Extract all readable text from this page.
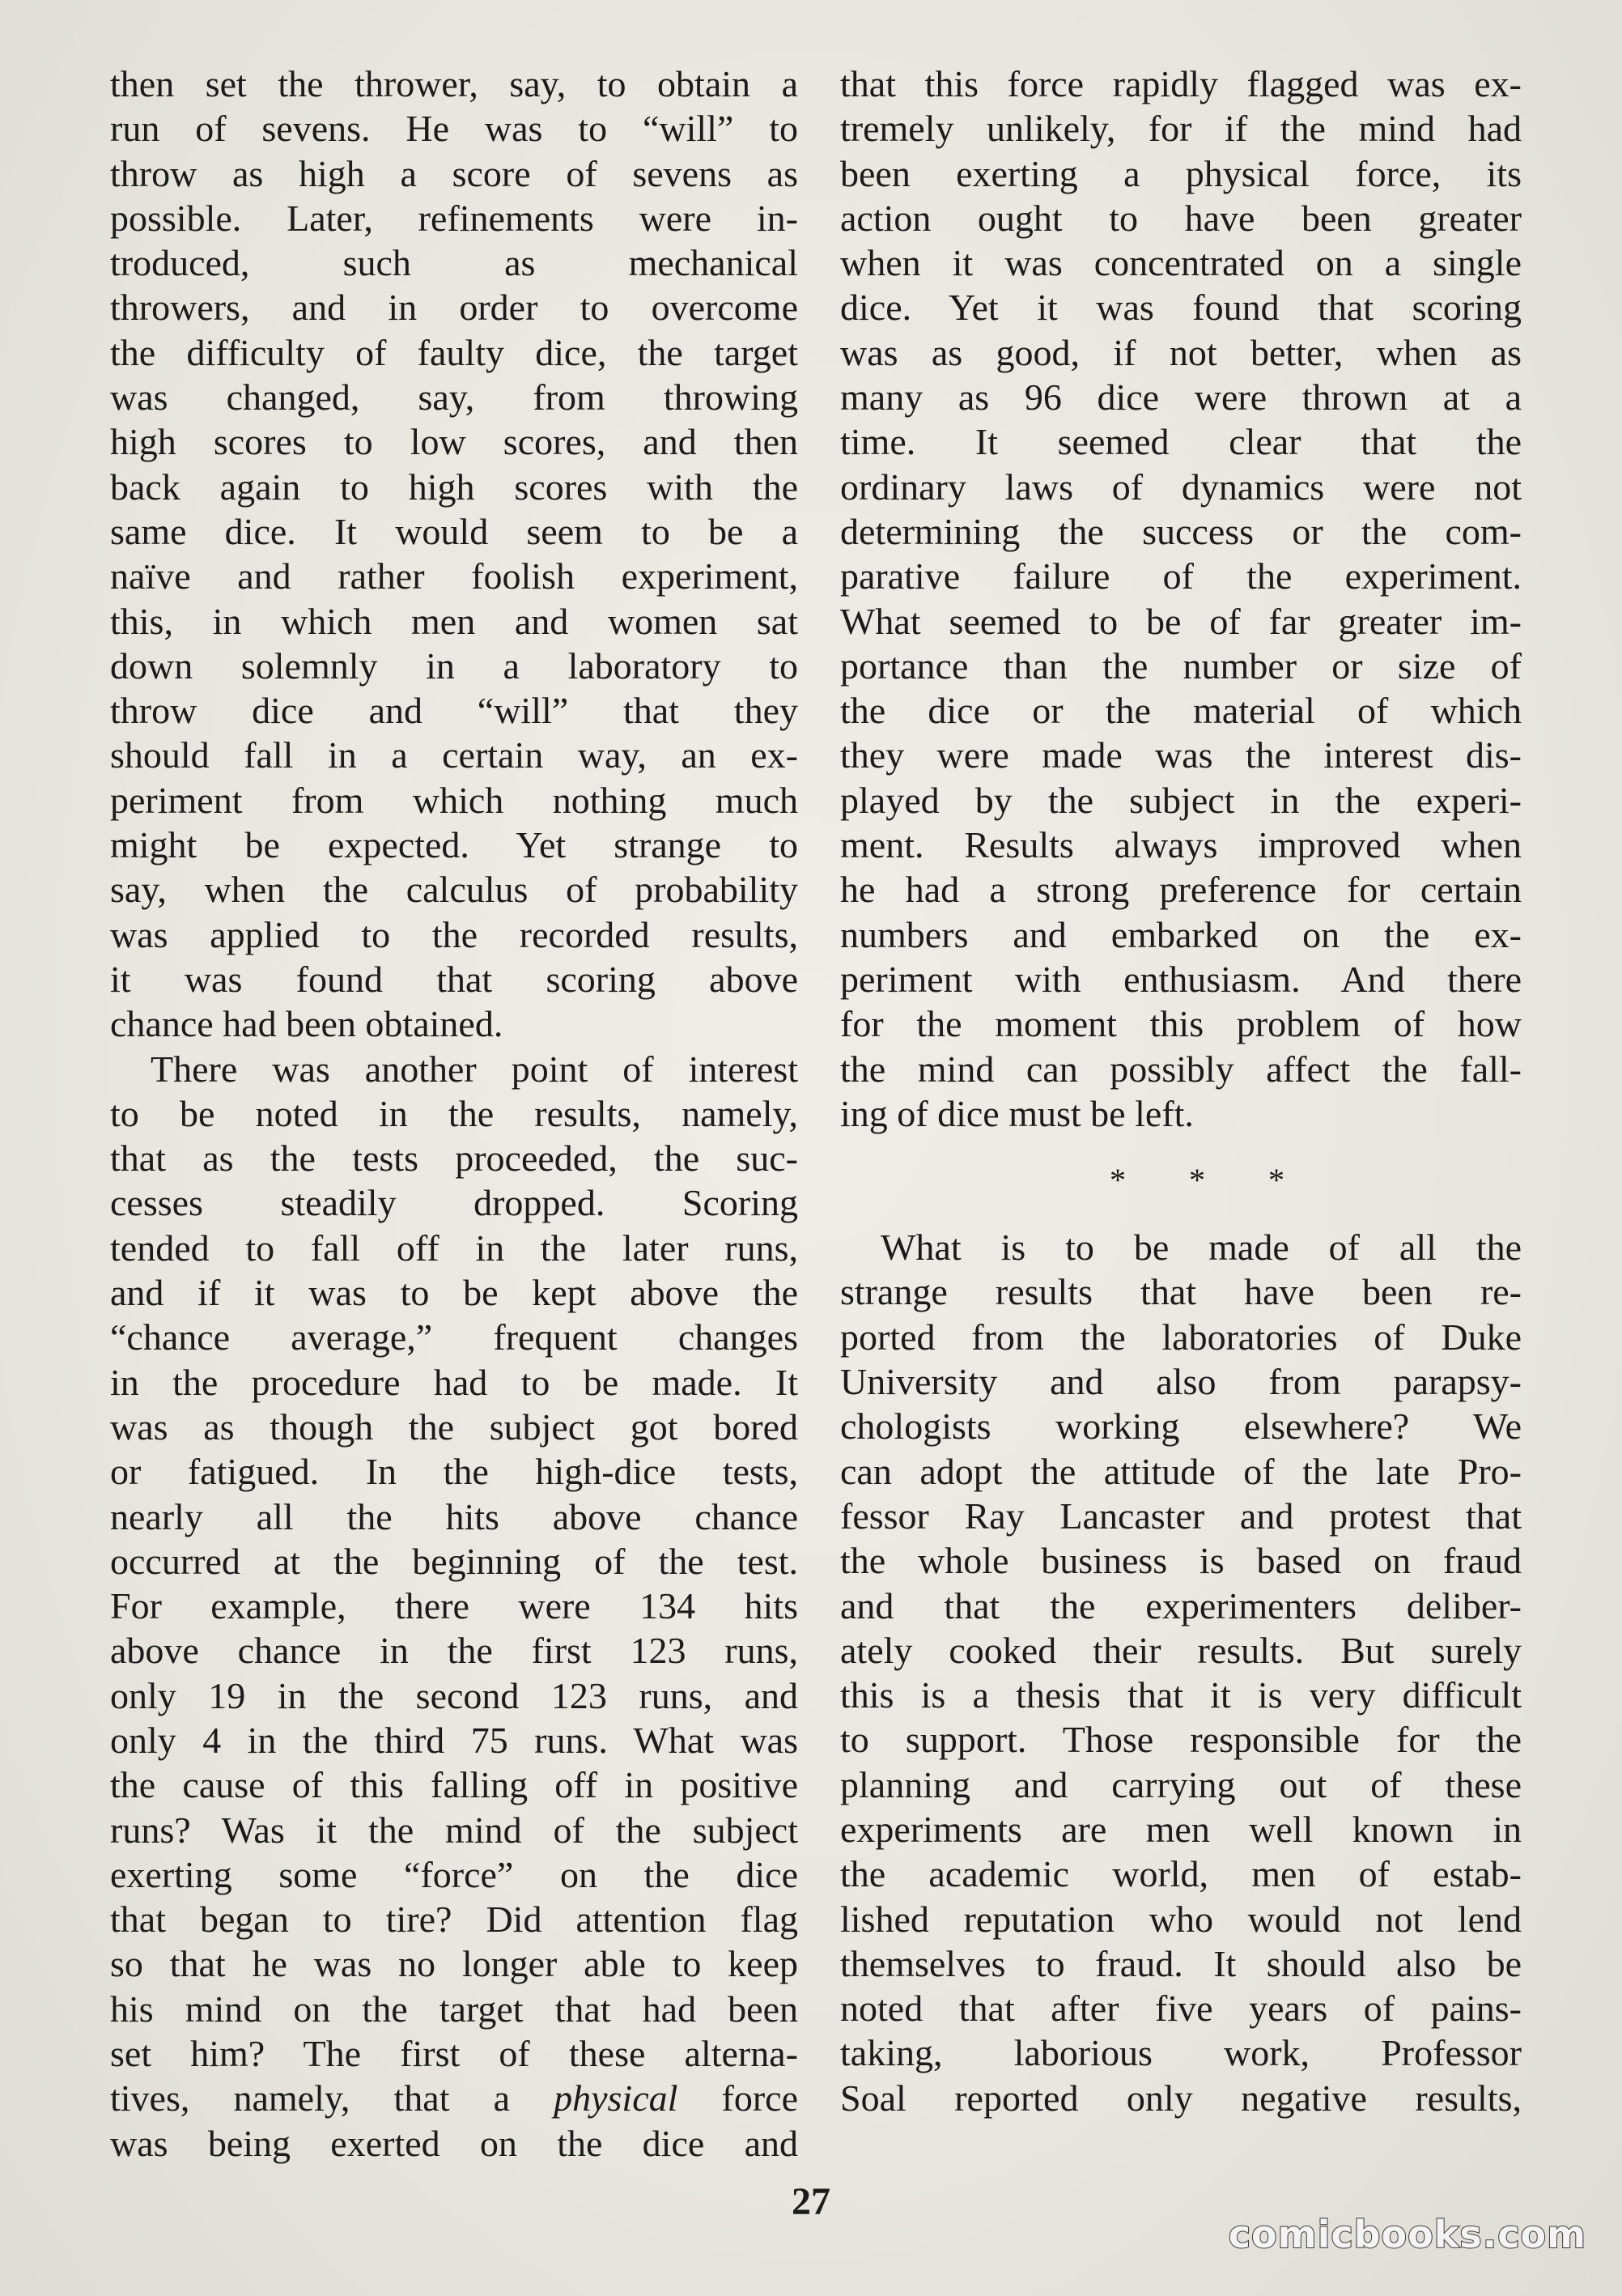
then set the thrower, say, to obtain a
run of sevens. He was to “will” to
throw as high a score of sevens as
possible. Later, refinements were in-
troduced, such as mechanical
throwers, and in order to overcome
the difficulty of faulty dice, the target
was changed, say, from throwing
high scores to low scores, and then
back again to high scores with the
same dice. It would seem to be a
naïve and rather foolish experiment,
this, in which men and women sat
down solemnly in a laboratory to
throw dice and “will” that they
should fall in a certain way, an ex-
periment from which nothing much
might be expected. Yet strange to
say, when the calculus of probability
was applied to the recorded results,
it was found that scoring above
chance had been obtained.
There was another point of interest
to be noted in the results, namely,
that as the tests proceeded, the suc-
cesses steadily dropped. Scoring
tended to fall off in the later runs,
and if it was to be kept above the
“chance average,” frequent changes
in the procedure had to be made. It
was as though the subject got bored
or fatigued. In the high-dice tests,
nearly all the hits above chance
occurred at the beginning of the test.
For example, there were 134 hits
above chance in the first 123 runs,
only 19 in the second 123 runs, and
only 4 in the third 75 runs. What was
the cause of this falling off in positive
runs? Was it the mind of the subject
exerting some “force” on the dice
that began to tire? Did attention flag
so that he was no longer able to keep
his mind on the target that had been
set him? The first of these alterna-
tives, namely, that a physical force
was being exerted on the dice and
that this force rapidly flagged was ex-
tremely unlikely, for if the mind had
been exerting a physical force, its
action ought to have been greater
when it was concentrated on a single
dice. Yet it was found that scoring
was as good, if not better, when as
many as 96 dice were thrown at a
time. It seemed clear that the
ordinary laws of dynamics were not
determining the success or the com-
parative failure of the experiment.
What seemed to be of far greater im-
portance than the number or size of
the dice or the material of which
they were made was the interest dis-
played by the subject in the experi-
ment. Results always improved when
he had a strong preference for certain
numbers and embarked on the ex-
periment with enthusiasm. And there
for the moment this problem of how
the mind can possibly affect the fall-
ing of dice must be left.
* * *
What is to be made of all the
strange results that have been re-
ported from the laboratories of Duke
University and also from parapsy-
chologists working elsewhere? We
can adopt the attitude of the late Pro-
fessor Ray Lancaster and protest that
the whole business is based on fraud
and that the experimenters deliber-
ately cooked their results. But surely
this is a thesis that it is very difficult
to support. Those responsible for the
planning and carrying out of these
experiments are men well known in
the academic world, men of estab-
lished reputation who would not lend
themselves to fraud. It should also be
noted that after five years of pains-
taking, laborious work, Professor
Soal reported only negative results,
27
comicbooks.com
